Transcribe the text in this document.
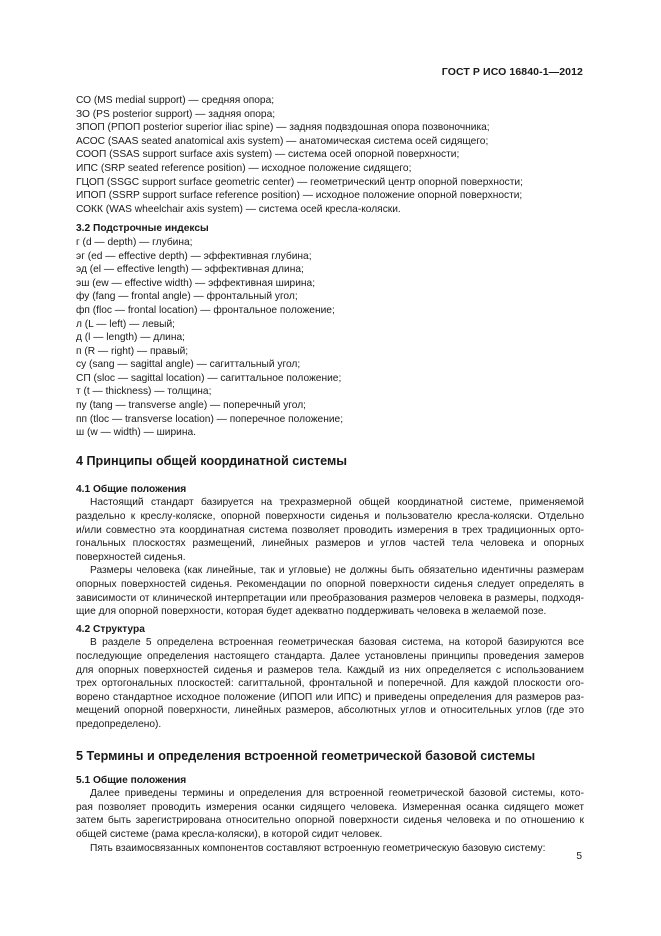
ГОСТ Р ИСО 16840-1—2012
СО (MS medial support) — средняя опора;
ЗО (PS posterior support) — задняя опора;
ЗПОП (РПОП posterior superior iliac spine) — задняя подвздошная опора позвоночника;
АСОС (SAAS seated anatomical axis system) — анатомическая система осей сидящего;
СООП (SSAS support surface axis system) — система осей опорной поверхности;
ИПС (SRP seated reference position) — исходное положение сидящего;
ГЦОП (SSGC support surface geometric center) — геометрический центр опорной поверхности;
ИПОП (SSRP support surface reference position) — исходное положение опорной поверхности;
СОКК (WAS wheelchair axis system) — система осей кресла-коляски.
3.2 Подстрочные индексы
г (d — depth) — глубина;
эг (ed — effective depth) — эффективная глубина;
эд (el — effective length) — эффективная длина;
эш (ew — effective width) — эффективная ширина;
фу (fang — frontal angle) — фронтальный угол;
фп (floc — frontal location) — фронтальное положение;
л (L — left) — левый;
д (l — length) — длина;
п (R — right) — правый;
су (sang — sagittal angle) — сагиттальный угол;
СП (sloc — sagittal location) — сагиттальное положение;
т (t — thickness) — толщина;
пу (tang — transverse angle) — поперечный угол;
пп (tloc — transverse location) — поперечное положение;
ш (w — width) — ширина.
4 Принципы общей координатной системы
4.1 Общие положения
Настоящий стандарт базируется на трехразмерной общей координатной системе, применяемой
раздельно к креслу-коляске, опорной поверхности сиденья и пользователю кресла-коляски. Отдельно
и/или совместно эта координатная система позволяет проводить измерения в трех традиционных орто-
гональных плоскостях размещений, линейных размеров и углов частей тела человека и опорных
поверхностей сиденья.
Размеры человека (как линейные, так и угловые) не должны быть обязательно идентичны размерам
опорных поверхностей сиденья. Рекомендации по опорной поверхности сиденья следует определять в
зависимости от клинической интерпретации или преобразования размеров человека в размеры, подходя-
щие для опорной поверхности, которая будет адекватно поддерживать человека в желаемой позе.
4.2 Структура
В разделе 5 определена встроенная геометрическая базовая система, на которой базируются все
последующие определения настоящего стандарта. Далее установлены принципы проведения замеров
для опорных поверхностей сиденья и размеров тела. Каждый из них определяется с использованием
трех ортогональных плоскостей: сагиттальной, фронтальной и поперечной. Для каждой плоскости ого-
ворено стандартное исходное положение (ИПОП или ИПС) и приведены определения для размеров раз-
мещений опорной поверхности, линейных размеров, абсолютных углов и относительных углов (где это
предопределено).
5 Термины и определения встроенной геометрической базовой системы
5.1 Общие положения
Далее приведены термины и определения для встроенной геометрической базовой системы, кото-
рая позволяет проводить измерения осанки сидящего человека. Измеренная осанка сидящего может
затем быть зарегистрирована относительно опорной поверхности сиденья человека и по отношению к
общей системе (рама кресла-коляски), в которой сидит человек.
Пять взаимосвязанных компонентов составляют встроенную геометрическую базовую систему:
5
